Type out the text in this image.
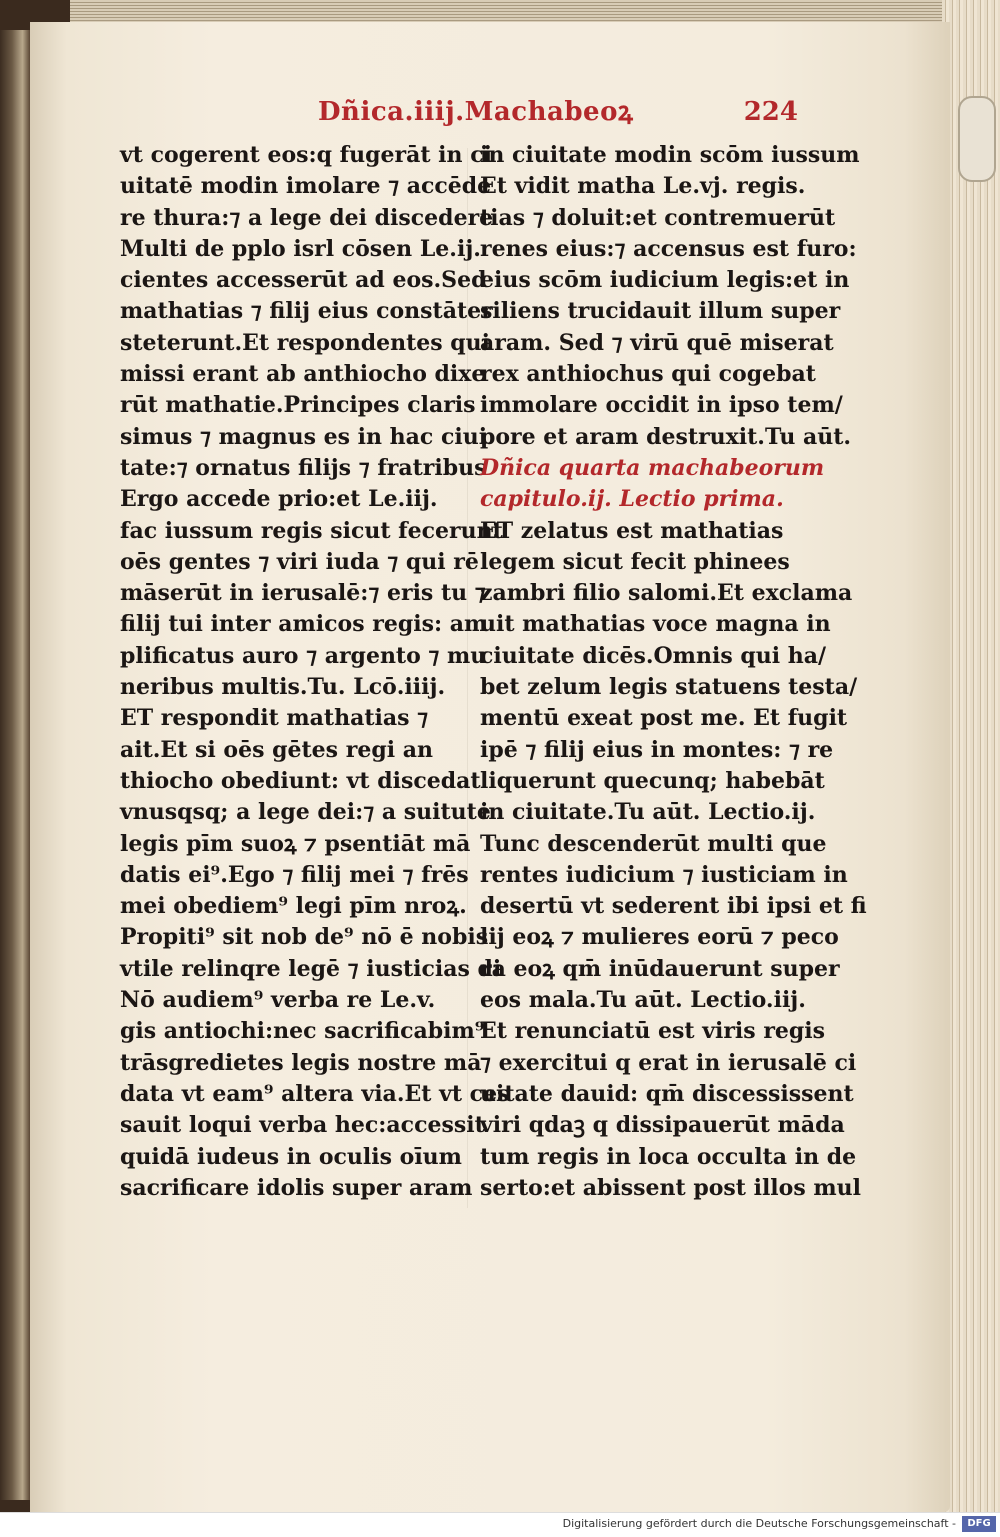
Dñica.iiij.Machabeoꝝ	224
vt cogerent eos:q fugerāt in ci
uitatē modin imolare ⁊ accēde
re thura:⁊ a lege dei discedere
Multi de pplo isrl cōsen Le.ij.
cientes accesserūt ad eos.Sed
mathatias ⁊ filij eius constāter
steterunt.Et respondentes qui
missi erant ab anthiocho dixe
rūt mathatie.Principes claris
simus ⁊ magnus es in hac ciui
tate:⁊ ornatus filijs ⁊ fratribus
Ergo accede prio:et Le.iij.
fac iussum regis sicut fecerunt
oēs gentes ⁊ viri iuda ⁊ qui rē
māserūt in ierusalē:⁊ eris tu ⁊
filij tui inter amicos regis: am
plificatus auro ⁊ argento ⁊ mu
neribus multis.Tu. Lcō.iiij.
ET respondit mathatias ⁊
ait.Et si oēs gētes regi an
thiocho obediunt: vt discedat
vnusqsq; a lege dei:⁊ a suitute
legis pīm suoꝝ ⁊ psentiāt mā
datis ei⁹.Ego ⁊ filij mei ⁊ frēs
mei obediem⁹ legi pīm nroꝝ.
Propiti⁹ sit nob de⁹ nō ē nobis
vtile relinqre legē ⁊ iusticias di
Nō audiem⁹ verba re Le.v.
gis antiochi:nec sacrificabim⁹
trāsgredietes legis nostre mā
data vt eam⁹ altera via.Et vt ces
sauit loqui verba hec:accessit
quidā iudeus in oculis oīum
sacrificare idolis super aram
in ciuitate modin scōm iussum
Et vidit matha Le.vj. regis.
tias ⁊ doluit:et contremuerūt
renes eius:⁊ accensus est furo:
eius scōm iudicium legis:et in
siliens trucidauit illum super
aram. Sed ⁊ virū quē miserat
rex anthiochus qui cogebat
immolare occidit in ipso tem/
pore et aram destruxit.Tu aūt.
Dñica quarta machabeorum
capitulo.ij. Lectio prima.
ET zelatus est mathatias
legem sicut fecit phinees
zambri filio salomi.Et exclama
uit mathatias voce magna in
ciuitate dicēs.Omnis qui ha/
bet zelum legis statuens testa/
mentū exeat post me. Et fugit
ipē ⁊ filij eius in montes: ⁊ re
liquerunt quecunq; habebāt
in ciuitate.Tu aūt. Lectio.ij.
Tunc descenderūt multi que
rentes iudicium ⁊ iusticiam in
desertū vt sederent ibi ipsi et fi
lij eoꝝ ⁊ mulieres eorū ⁊ peco
ra eoꝝ qm̄ inūdauerunt super
eos mala.Tu aūt. Lectio.iij.
Et renunciatū est viris regis
⁊ exercitui q erat in ierusalē ci
uitate dauid: qm̄ discessissent
viri qdaꝫ q dissipauerūt māda
tum regis in loca occulta in de
serto:et abissent post illos mul
Digitalisierung gefördert durch die Deutsche Forschungsgemeinschaft -	DFG
